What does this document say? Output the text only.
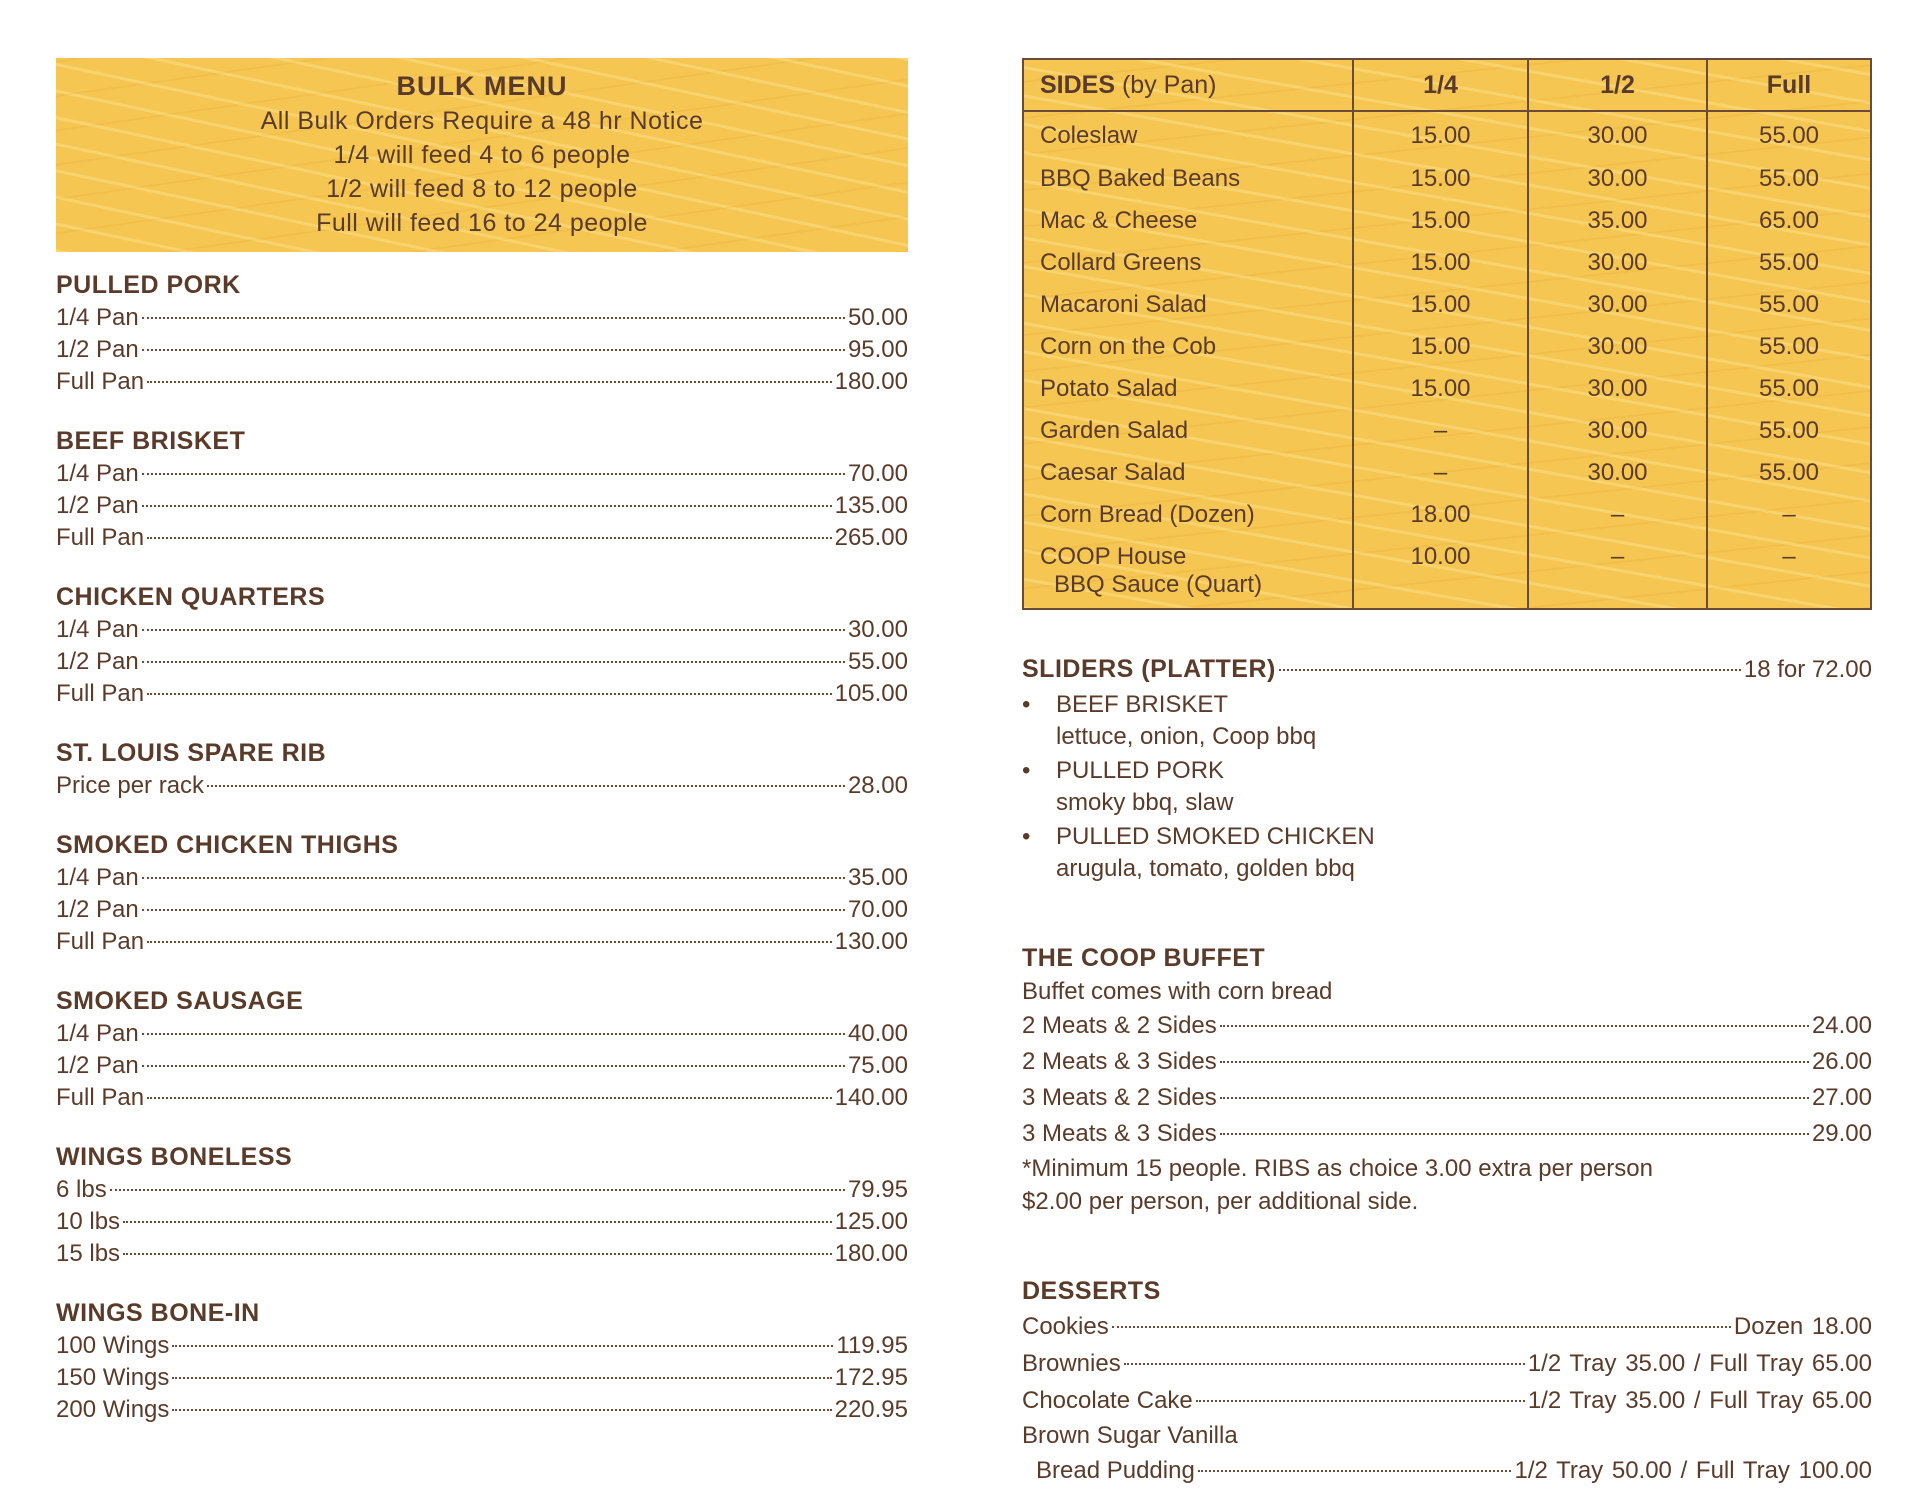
BULK MENU
All Bulk Orders Require a 48 hr Notice
1/4 will feed 4 to 6 people
1/2 will feed 8 to 12 people
Full will feed 16 to 24 people
PULLED PORK
1/4 Pan	50.00
1/2 Pan	95.00
Full Pan	180.00
BEEF BRISKET
1/4 Pan	70.00
1/2 Pan	135.00
Full Pan	265.00
CHICKEN QUARTERS
1/4 Pan	30.00
1/2 Pan	55.00
Full Pan	105.00
ST. LOUIS SPARE RIB
Price per rack	28.00
SMOKED CHICKEN THIGHS
1/4 Pan	35.00
1/2 Pan	70.00
Full Pan	130.00
SMOKED SAUSAGE
1/4 Pan	40.00
1/2 Pan	75.00
Full Pan	140.00
WINGS BONELESS
6 lbs	79.95
10 lbs	125.00
15 lbs	180.00
WINGS BONE-IN
100 Wings	119.95
150 Wings	172.95
200 Wings	220.95
SIDES (by Pan)	1/4	1/2	Full
Coleslaw	15.00	30.00	55.00
BBQ Baked Beans	15.00	30.00	55.00
Mac & Cheese	15.00	35.00	65.00
Collard Greens	15.00	30.00	55.00
Macaroni Salad	15.00	30.00	55.00
Corn on the Cob	15.00	30.00	55.00
Potato Salad	15.00	30.00	55.00
Garden Salad	–	30.00	55.00
Caesar Salad	–	30.00	55.00
Corn Bread (Dozen)	18.00	–	–
COOP House
BBQ Sauce (Quart)	10.00	–	–
SLIDERS (PLATTER)	18 for 72.00
• BEEF BRISKET
lettuce, onion, Coop bbq
• PULLED PORK
smoky bbq, slaw
• PULLED SMOKED CHICKEN
arugula, tomato, golden bbq
THE COOP BUFFET
Buffet comes with corn bread
2 Meats & 2 Sides	24.00
2 Meats & 3 Sides	26.00
3 Meats & 2 Sides	27.00
3 Meats & 3 Sides	29.00
*Minimum 15 people. RIBS as choice 3.00 extra per person
$2.00 per person, per additional side.
DESSERTS
Cookies	Dozen 18.00
Brownies	1/2 Tray 35.00 / Full Tray 65.00
Chocolate Cake	1/2 Tray 35.00 / Full Tray 65.00
Brown Sugar Vanilla
Bread Pudding	1/2 Tray 50.00 / Full Tray 100.00
